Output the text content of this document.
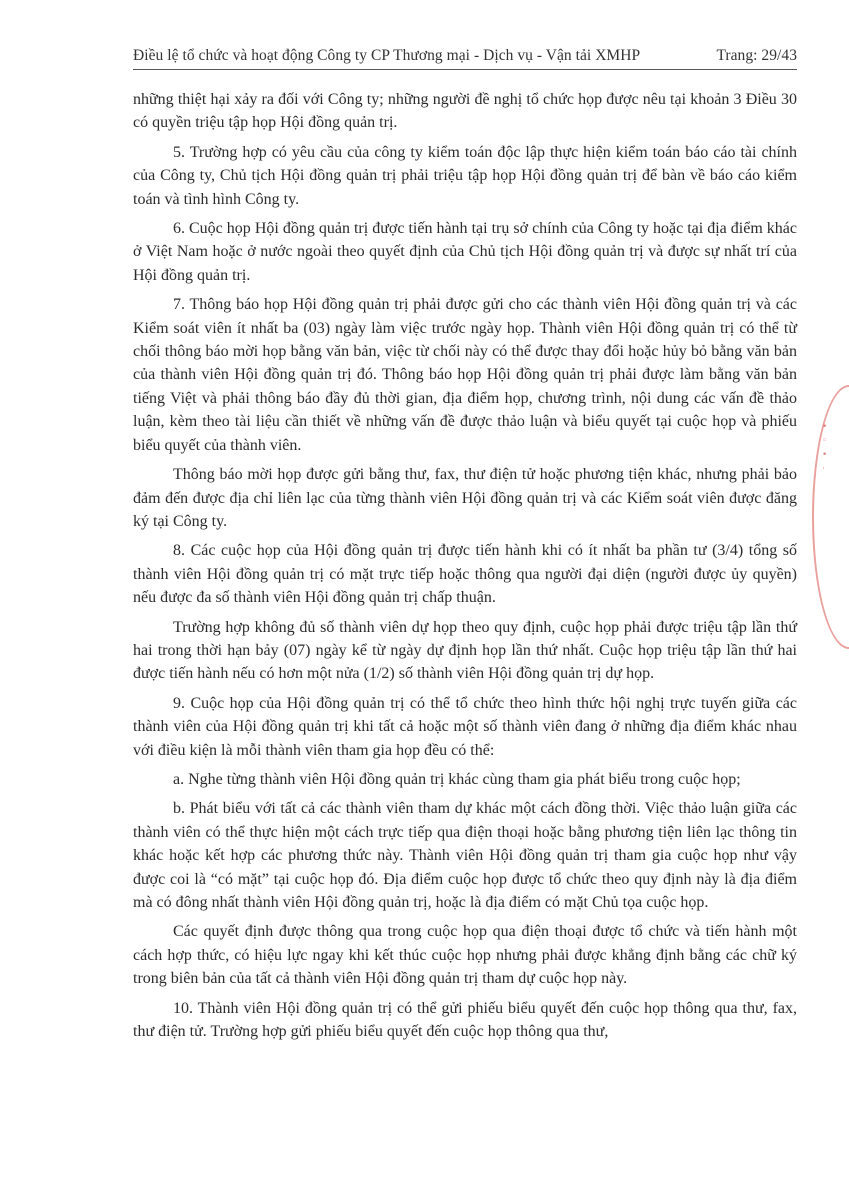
Điều lệ tổ chức và hoạt động Công ty CP Thương mại - Dịch vụ - Vận tải XMHP	Trang: 29/43

những thiệt hại xảy ra đối với Công ty; những người đề nghị tổ chức họp được nêu tại khoản 3 Điều 30 có quyền triệu tập họp Hội đồng quản trị.

5. Trường hợp có yêu cầu của công ty kiểm toán độc lập thực hiện kiểm toán báo cáo tài chính của Công ty, Chủ tịch Hội đồng quản trị phải triệu tập họp Hội đồng quản trị để bàn về báo cáo kiểm toán và tình hình Công ty.

6. Cuộc họp Hội đồng quản trị được tiến hành tại trụ sở chính của Công ty hoặc tại địa điểm khác ở Việt Nam hoặc ở nước ngoài theo quyết định của Chủ tịch Hội đồng quản trị và được sự nhất trí của Hội đồng quản trị.

7. Thông báo họp Hội đồng quản trị phải được gửi cho các thành viên Hội đồng quản trị và các Kiểm soát viên ít nhất ba (03) ngày làm việc trước ngày họp. Thành viên Hội đồng quản trị có thể từ chối thông báo mời họp bằng văn bản, việc từ chối này có thể được thay đổi hoặc hủy bỏ bằng văn bản của thành viên Hội đồng quản trị đó. Thông báo họp Hội đồng quản trị phải được làm bằng văn bản tiếng Việt và phải thông báo đầy đủ thời gian, địa điểm họp, chương trình, nội dung các vấn đề thảo luận, kèm theo tài liệu cần thiết về những vấn đề được thảo luận và biểu quyết tại cuộc họp và phiếu biểu quyết của thành viên.

Thông báo mời họp được gửi bằng thư, fax, thư điện tử hoặc phương tiện khác, nhưng phải bảo đảm đến được địa chỉ liên lạc của từng thành viên Hội đồng quản trị và các Kiểm soát viên được đăng ký tại Công ty.

8. Các cuộc họp của Hội đồng quản trị được tiến hành khi có ít nhất ba phần tư (3/4) tổng số thành viên Hội đồng quản trị có mặt trực tiếp hoặc thông qua người đại diện (người được ủy quyền) nếu được đa số thành viên Hội đồng quản trị chấp thuận.

Trường hợp không đủ số thành viên dự họp theo quy định, cuộc họp phải được triệu tập lần thứ hai trong thời hạn bảy (07) ngày kể từ ngày dự định họp lần thứ nhất. Cuộc họp triệu tập lần thứ hai được tiến hành nếu có hơn một nửa (1/2) số thành viên Hội đồng quản trị dự họp.

9. Cuộc họp của Hội đồng quản trị có thể tổ chức theo hình thức hội nghị trực tuyến giữa các thành viên của Hội đồng quản trị khi tất cả hoặc một số thành viên đang ở những địa điểm khác nhau với điều kiện là mỗi thành viên tham gia họp đều có thể:

a. Nghe từng thành viên Hội đồng quản trị khác cùng tham gia phát biểu trong cuộc họp;

b. Phát biểu với tất cả các thành viên tham dự khác một cách đồng thời. Việc thảo luận giữa các thành viên có thể thực hiện một cách trực tiếp qua điện thoại hoặc bằng phương tiện liên lạc thông tin khác hoặc kết hợp các phương thức này. Thành viên Hội đồng quản trị tham gia cuộc họp như vậy được coi là “có mặt” tại cuộc họp đó. Địa điểm cuộc họp được tổ chức theo quy định này là địa điểm mà có đông nhất thành viên Hội đồng quản trị, hoặc là địa điểm có mặt Chủ tọa cuộc họp.

Các quyết định được thông qua trong cuộc họp qua điện thoại được tổ chức và tiến hành một cách hợp thức, có hiệu lực ngay khi kết thúc cuộc họp nhưng phải được khẳng định bằng các chữ ký trong biên bản của tất cả thành viên Hội đồng quản trị tham dự cuộc họp này.

10. Thành viên Hội đồng quản trị có thể gửi phiếu biểu quyết đến cuộc họp thông qua thư, fax, thư điện tử. Trường hợp gửi phiếu biểu quyết đến cuộc họp thông qua thư,

•
◦
•
·
